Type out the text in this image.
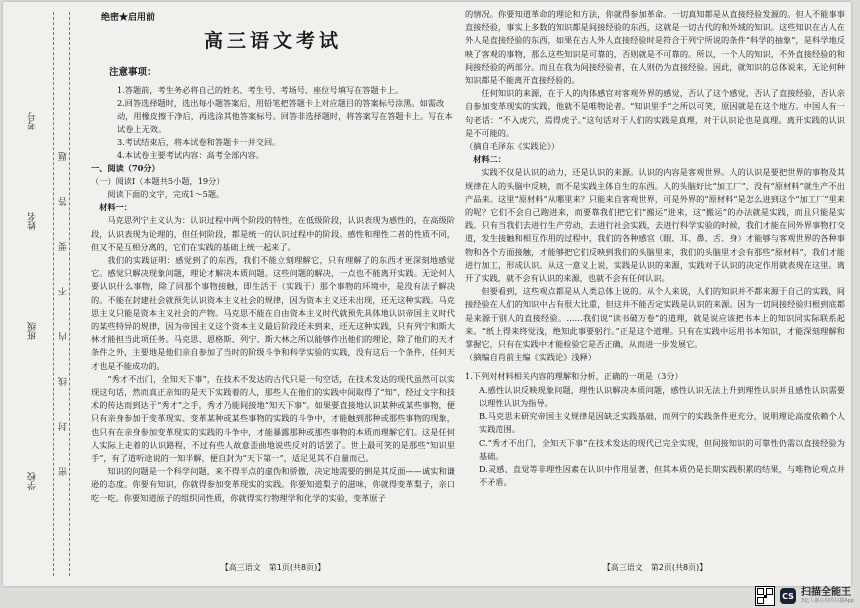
考号
姓名
班级
学校
题
答
要
不
内
线
封
密
绝密★启用前
高三语文考试
注意事项：
1.答题前，考生务必将自己的姓名、考生号、考场号、座位号填写在答题卡上。
2.回答选择题时，选出每小题答案后，用铅笔把答题卡上对应题目的答案标号涂黑。如需改动，用橡皮擦干净后，再选涂其他答案标号。回答非选择题时，将答案写在答题卡上。写在本试卷上无效。
3.考试结束后，将本试卷和答题卡一并交回。
4.本试卷主要考试内容：高考全部内容。

一、阅读（70分）

（一）阅读Ⅰ（本题共5小题，19分）

阅读下面的文字，完成1～5题。

材料一：

马克思列宁主义认为：认识过程中两个阶段的特性，在低级阶段，认识表现为感性的，在高级阶段，认识表现为论理的，但任何阶段，都是统一的认识过程中的阶段。感性和理性二者的性质不同，但又不是互相分离的，它们在实践的基础上统一起来了。

我们的实践证明：感觉到了的东西，我们不能立刻理解它，只有理解了的东西才更深刻地感觉它。感觉只解决现象问题，理论才解决本质问题。这些问题的解决，一点也不能离开实践。无论何人要认识什么事物，除了同那个事物接触，即生活于（实践于）那个事物的环境中，是没有法子解决的。不能在封建社会就预先认识资本主义社会的规律，因为资本主义还未出现，还无这种实践。马克思主义只能是资本主义社会的产物。马克思不能在自由资本主义时代就预先具体地认识帝国主义时代的某些特异的规律，因为帝国主义这个资本主义最后阶段还未到来，还无这种实践，只有列宁和斯大林才能担当此项任务。马克思、恩格斯、列宁、斯大林之所以能够作出他们的理论，除了他们的天才条件之外，主要地是他们亲自参加了当时的阶级斗争和科学实验的实践，没有这后一个条件，任何天才也是不能成功的。

“秀才不出门，全知天下事”，在技术不发达的古代只是一句空话，在技术发达的现代虽然可以实现这句话，然而真正亲知的是天下实践着的人，那些人在他们的实践中间取得了“知”，经过文字和技术的传达而到达于“秀才”之手，秀才乃能间接地“知天下事”。如果要直接地认识某种或某些事物，便只有亲身参加于变革现实、变革某种或某些事物的实践的斗争中，才能触到那种或那些事物的现象，也只有在亲身参加变革现实的实践的斗争中，才能暴露那种或那些事物的本质而理解它们。这是任何人实际上走着的认识路程，不过有些人故意歪曲地说些反对的话罢了。世上最可笑的是那些“知识里手”，有了道听途说的一知半解，便自封为“天下第一”，适足见其不自量而已。

知识的问题是一个科学问题，来不得半点的虚伪和骄傲，决定地需要的倒是其反面——诚实和谦逊的态度。你要有知识，你就得参加变革现实的实践。你要知道梨子的滋味，你就得变革梨子，亲口吃一吃。你要知道原子的组织同性质，你就得实行物理学和化学的实验，变革原子

【高三语文　第1页(共8页)】

的情况。你要知道革命的理论和方法，你就得参加革命。一切真知都是从直接经验发源的。但人不能事事直接经验，事实上多数的知识都是间接经验的东西，这就是一切古代的和外域的知识。这些知识在古人在外人是直接经验的东西，如果在古人外人直接经验时是符合于列宁所说的条件“科学的抽象”，是科学地反映了客观的事物，那么这些知识是可靠的，否则就是不可靠的。所以，一个人的知识，不外直接经验的和间接经验的两部分。而且在我为间接经验者，在人则仍为直接经验。因此，就知识的总体说来，无论何种知识都是不能离开直接经验的。

任何知识的来源，在于人的肉体感官对客观外界的感觉，否认了这个感觉，否认了直接经验，否认亲自参加变革现实的实践，他就不是唯物论者。“知识里手”之所以可笑，原因就是在这个地方。中国人有一句老话：“不入虎穴，焉得虎子。”这句话对于人们的实践是真理，对于认识论也是真理。离开实践的认识是不可能的。

（摘自毛泽东《实践论》）

材料二：

实践不仅是认识的动力，还是认识的来源。认识的内容是客观世界。人的认识是要把世界的事物及其规律在人的头脑中反映，而不是实践主体自生的东西。人的头脑好比“加工厂”，没有“原材料”就生产不出产品来。这里“原材料”从哪里来？只能来自客观世界，可是外界的“原材料”是怎么进到这个“加工厂”里来的呢？它们不会自己跑进来，而要靠我们把它们“搬运”进来，这“搬运”的办法就是实践，而且只能是实践。只有当我们去进行生产劳动，去进行社会实践，去进行科学实验的时候，我们才能在同外界事物打交道，发生接触和相互作用的过程中，我们的各种感官（眼、耳、鼻、舌、身）才能够与客观世界的各种事物和各个方面接触，才能够把它们反映到我们的头脑里来，我们的头脑里才会有那些“原材料”，我们才能进行加工，形成认识。从这一意义上说，实践是认识的来源，实践对于认识的决定作用就表现在这里。离开了实践，就不会有认识的来源，也就不会有任何认识。

但要看到，这些观点都是从人类总体上说的。从个人来说，人们的知识并不都来源于自己的实践，间接经验在人们的知识中占有很大比重，但这并不能否定实践是认识的来源。因为一切间接经验归根到底都是来源于别人的直接经验。……我们说“读书破万卷”的道理，就是说应该把书本上的知识同实际联系起来。“纸上得来终觉浅，绝知此事要躬行。”正是这个道理。只有在实践中运用书本知识，才能深刻理解和掌握它，只有在实践中才能检验它是否正确，从而进一步发展它。

（摘编自肖前主编《实践论》浅释）

1.下列对材料相关内容的理解和分析，正确的一项是（3分）

A.感性认识反映现象问题，理性认识解决本质问题，感性认识无法上升到理性认识并且感性认识需要以理性认识为指导。

B.马克思未研究帝国主义规律是因缺乏实践基础，而列宁的实践条件更充分，说明理论高度依赖个人实践范围。

C.“秀才不出门，全知天下事”在技术发达的现代已完全实现，但间接知识的可靠性仍需以直接经验为基础。

D.灵感、直觉等非理性因素在认识中作用显著，但其本质仍是长期实践积累的结果，与唯物论观点并不矛盾。

【高三语文　第2页(共8页)】
CS 扫描全能王
3亿人都在用的扫描App
